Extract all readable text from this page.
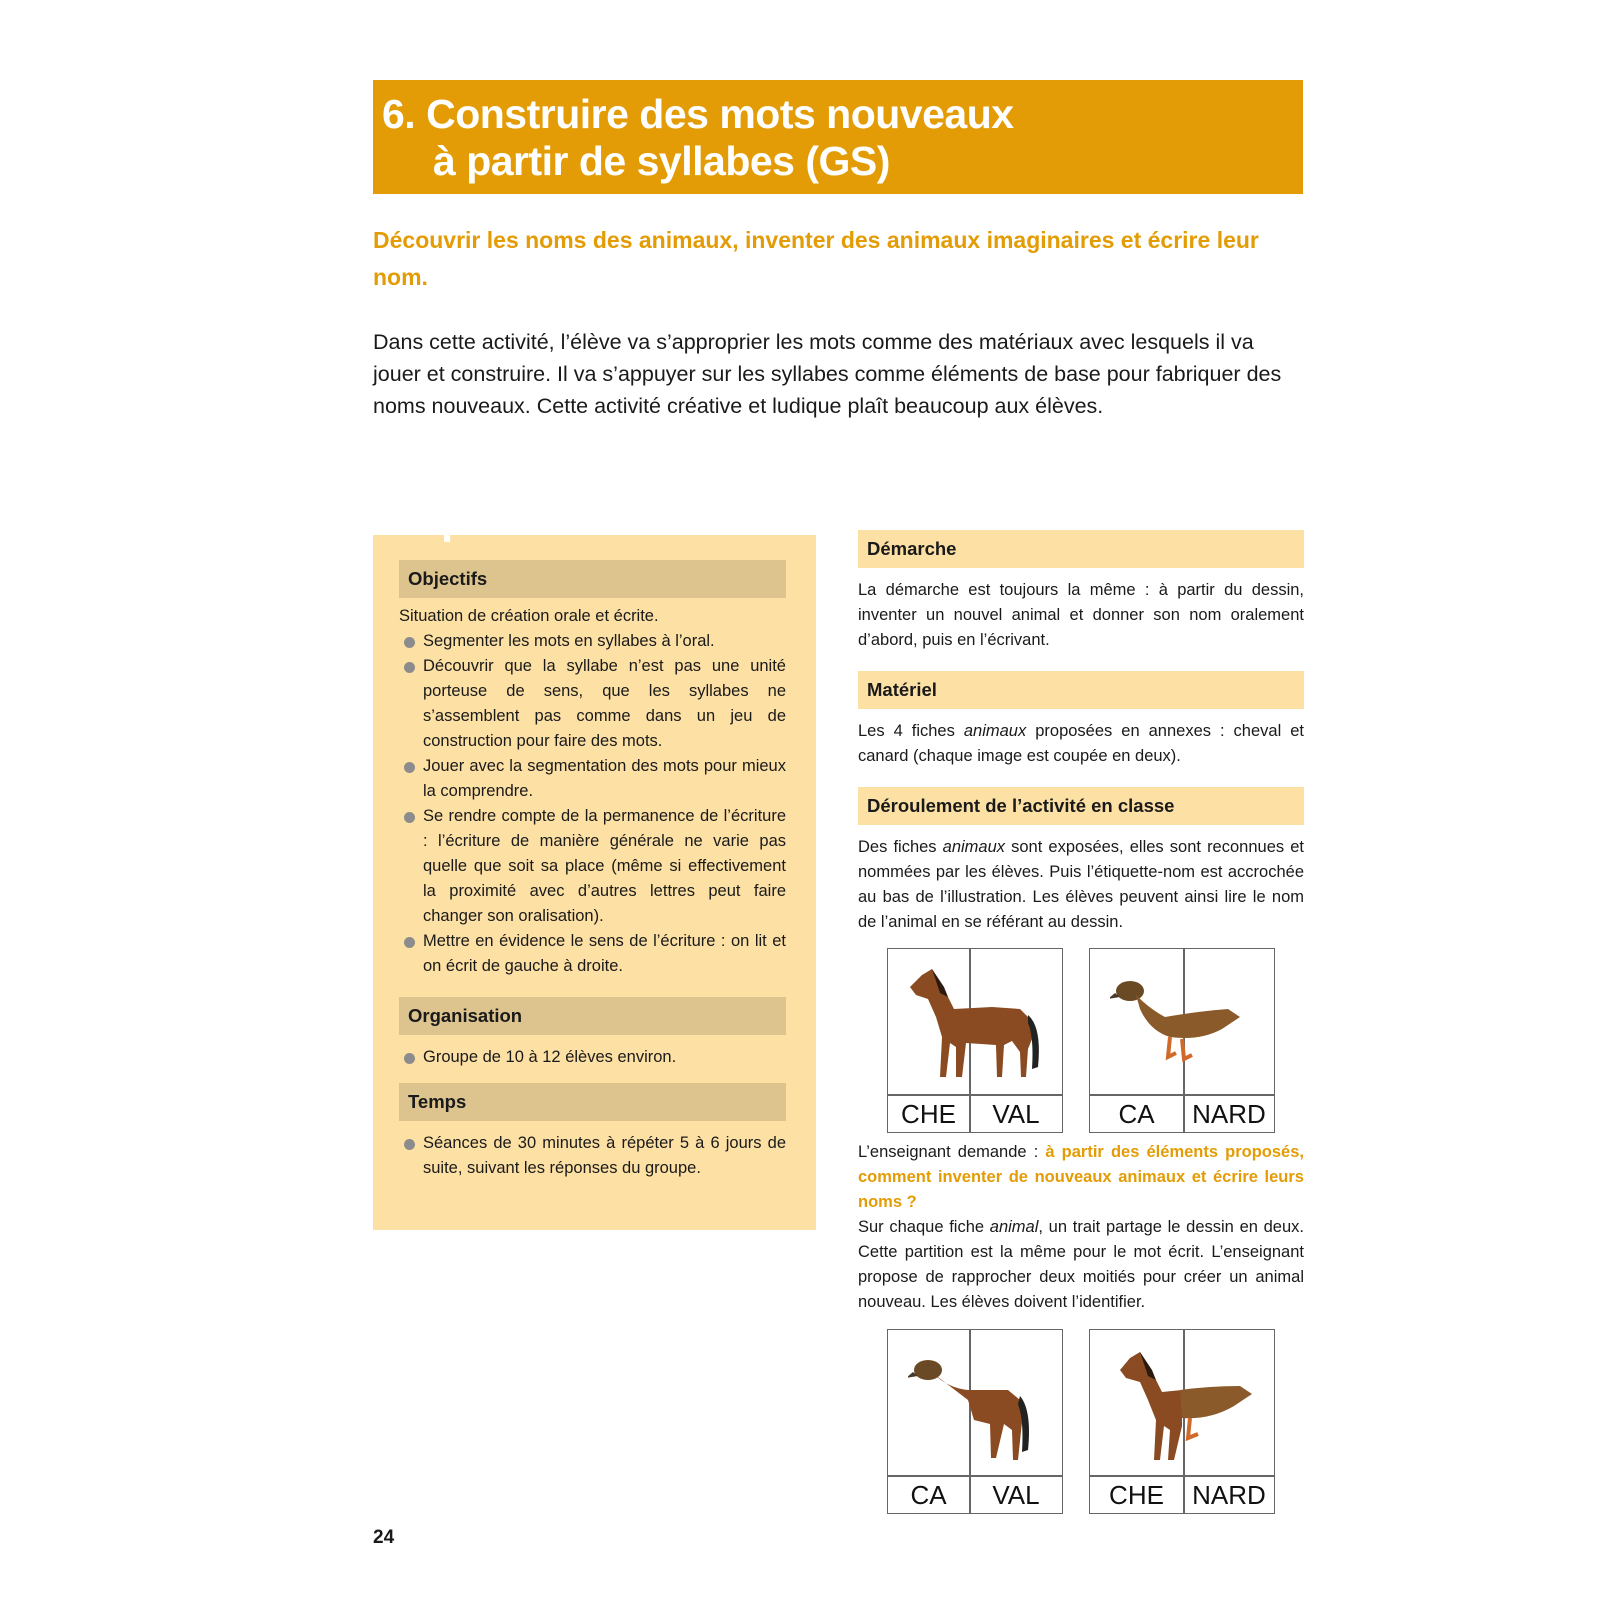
6. Construire des mots nouveaux
à partir de syllabes (GS)
Découvrir les noms des animaux, inventer des animaux imaginaires et écrire leur nom.
Dans cette activité, l’élève va s’approprier les mots comme des matériaux avec lesquels il va jouer et construire. Il va s’appuyer sur les syllabes comme éléments de base pour fabriquer des noms nouveaux. Cette activité créative et ludique plaît beaucoup aux élèves.
Préparation
Objectifs
Situation de création orale et écrite.
Segmenter les mots en syllabes à l’oral.
Découvrir que la syllabe n’est pas une unité porteuse de sens, que les syllabes ne s’assemblent pas comme dans un jeu de construction pour faire des mots.
Jouer avec la segmentation des mots pour mieux la comprendre.
Se rendre compte de la permanence de l’écriture : l’écriture de manière générale ne varie pas quelle que soit sa place (même si effectivement la proximité avec d’autres lettres peut faire changer son oralisation).
Mettre en évidence le sens de l’écriture : on lit et on écrit de gauche à droite.
Organisation
Groupe de 10 à 12 élèves environ.
Temps
Séances de 30 minutes à répéter 5 à 6 jours de suite, suivant les réponses du groupe.
Démarche
La démarche est toujours la même : à partir du dessin, inventer un nouvel animal et donner son nom oralement d’abord, puis en l’écrivant.
Matériel
Les 4 fiches animaux proposées en annexes : cheval et canard (chaque image est coupée en deux).
Déroulement de l’activité en classe
Des fiches animaux sont exposées, elles sont reconnues et nommées par les élèves. Puis l’étiquette-nom est accrochée au bas de l’illustration. Les élèves peuvent ainsi lire le nom de l’animal en se référant au dessin.
L’enseignant demande : à partir des éléments proposés, comment inventer de nouveaux animaux et écrire leurs noms ?
Sur chaque fiche animal, un trait partage le dessin en deux. Cette partition est la même pour le mot écrit. L’enseignant propose de rapprocher deux moitiés pour créer un animal nouveau. Les élèves doivent l’identifier.
CHE	VAL	CA	NARD
CA	VAL	CHE	NARD
24
